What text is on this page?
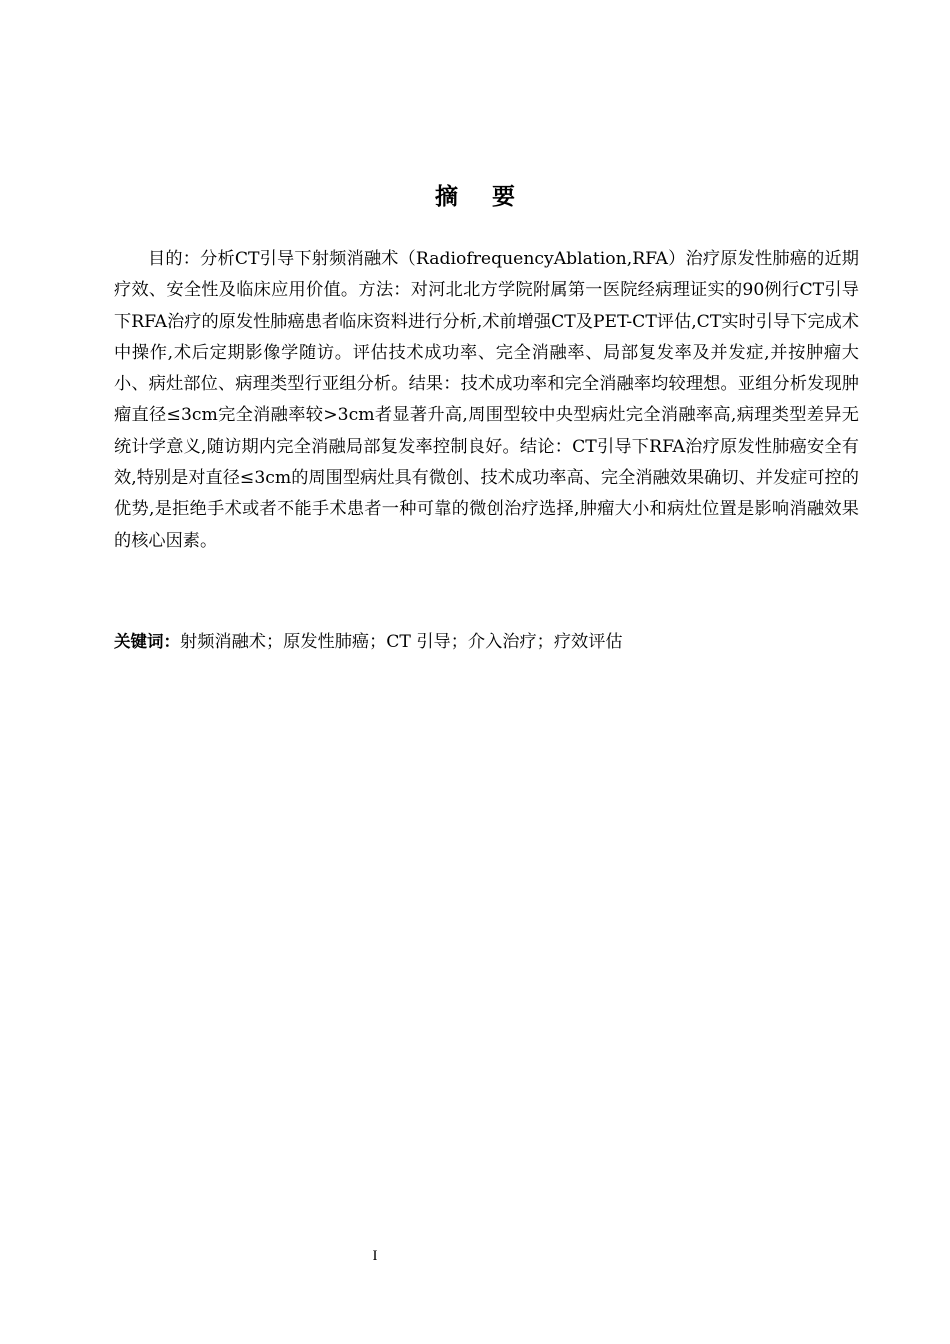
摘要

目的：分析CT引导下射频消融术（RadiofrequencyAblation,RFA）治疗原发性肺癌的近期疗效、安全性及临床应用价值。方法：对河北北方学院附属第一医院经病理证实的90例行CT引导下RFA治疗的原发性肺癌患者临床资料进行分析,术前增强CT及PET-CT评估,CT实时引导下完成术中操作,术后定期影像学随访。评估技术成功率、完全消融率、局部复发率及并发症,并按肿瘤大小、病灶部位、病理类型行亚组分析。结果：技术成功率和完全消融率均较理想。亚组分析发现肿瘤直径≤3cm完全消融率较>3cm者显著升高,周围型较中央型病灶完全消融率高,病理类型差异无统计学意义,随访期内完全消融局部复发率控制良好。结论：CT引导下RFA治疗原发性肺癌安全有效,特别是对直径≤3cm的周围型病灶具有微创、技术成功率高、完全消融效果确切、并发症可控的优势,是拒绝手术或者不能手术患者一种可靠的微创治疗选择,肿瘤大小和病灶位置是影响消融效果的核心因素。

关键词：射频消融术；原发性肺癌；CT 引导；介入治疗；疗效评估

I
